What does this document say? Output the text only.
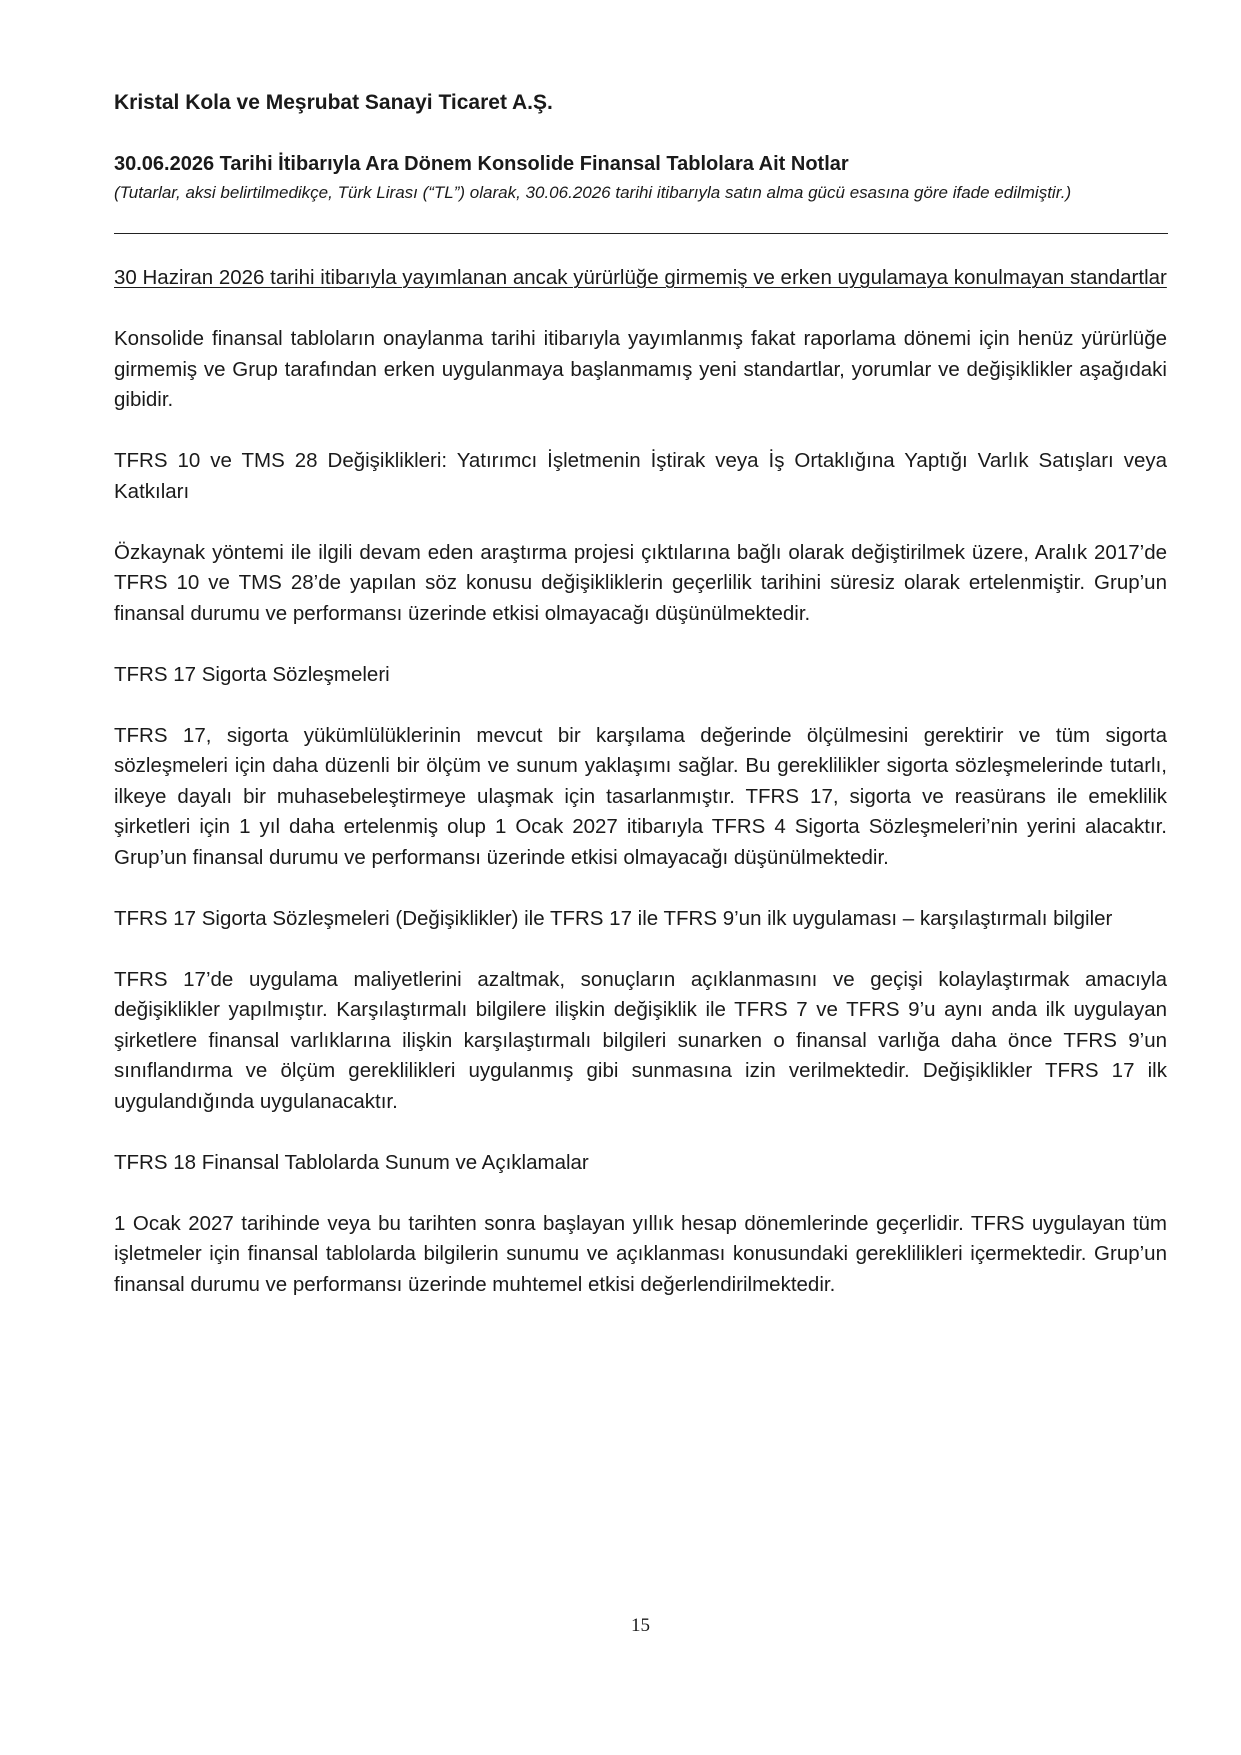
Kristal Kola ve Meşrubat Sanayi Ticaret A.Ş.
30.06.2026 Tarihi İtibarıyla Ara Dönem Konsolide Finansal Tablolara Ait Notlar

(Tutarlar, aksi belirtilmedikçe, Türk Lirası (“TL”) olarak, 30.06.2026 tarihi itibarıyla satın alma gücü esasına göre ifade edilmiştir.)

30 Haziran 2026 tarihi itibarıyla yayımlanan ancak yürürlüğe girmemiş ve erken uygulamaya konulmayan standartlar

Konsolide finansal tabloların onaylanma tarihi itibarıyla yayımlanmış fakat raporlama dönemi için henüz yürürlüğe girmemiş ve Grup tarafından erken uygulanmaya başlanmamış yeni standartlar, yorumlar ve değişiklikler aşağıdaki gibidir.

TFRS 10 ve TMS 28 Değişiklikleri: Yatırımcı İşletmenin İştirak veya İş Ortaklığına Yaptığı Varlık Satışları veya Katkıları

Özkaynak yöntemi ile ilgili devam eden araştırma projesi çıktılarına bağlı olarak değiştirilmek üzere, Aralık 2017’de TFRS 10 ve TMS 28’de yapılan söz konusu değişikliklerin geçerlilik tarihini süresiz olarak ertelenmiştir. Grup’un finansal durumu ve performansı üzerinde etkisi olmayacağı düşünülmektedir.

TFRS 17 Sigorta Sözleşmeleri

TFRS 17, sigorta yükümlülüklerinin mevcut bir karşılama değerinde ölçülmesini gerektirir ve tüm sigorta sözleşmeleri için daha düzenli bir ölçüm ve sunum yaklaşımı sağlar. Bu gereklilikler sigorta sözleşmelerinde tutarlı, ilkeye dayalı bir muhasebeleştirmeye ulaşmak için tasarlanmıştır. TFRS 17, sigorta ve reasürans ile emeklilik şirketleri için 1 yıl daha ertelenmiş olup 1 Ocak 2027 itibarıyla TFRS 4 Sigorta Sözleşmeleri’nin yerini alacaktır. Grup’un finansal durumu ve performansı üzerinde etkisi olmayacağı düşünülmektedir.

TFRS 17 Sigorta Sözleşmeleri (Değişiklikler) ile TFRS 17 ile TFRS 9’un ilk uygulaması – karşılaştırmalı bilgiler

TFRS 17’de uygulama maliyetlerini azaltmak, sonuçların açıklanmasını ve geçişi kolaylaştırmak amacıyla değişiklikler yapılmıştır. Karşılaştırmalı bilgilere ilişkin değişiklik ile TFRS 7 ve TFRS 9’u aynı anda ilk uygulayan şirketlere finansal varlıklarına ilişkin karşılaştırmalı bilgileri sunarken o finansal varlığa daha önce TFRS 9’un sınıflandırma ve ölçüm gereklilikleri uygulanmış gibi sunmasına izin verilmektedir. Değişiklikler TFRS 17 ilk uygulandığında uygulanacaktır.

TFRS 18 Finansal Tablolarda Sunum ve Açıklamalar

1 Ocak 2027 tarihinde veya bu tarihten sonra başlayan yıllık hesap dönemlerinde geçerlidir. TFRS uygulayan tüm işletmeler için finansal tablolarda bilgilerin sunumu ve açıklanması konusundaki gereklilikleri içermektedir. Grup’un finansal durumu ve performansı üzerinde muhtemel etkisi değerlendirilmektedir.

15
